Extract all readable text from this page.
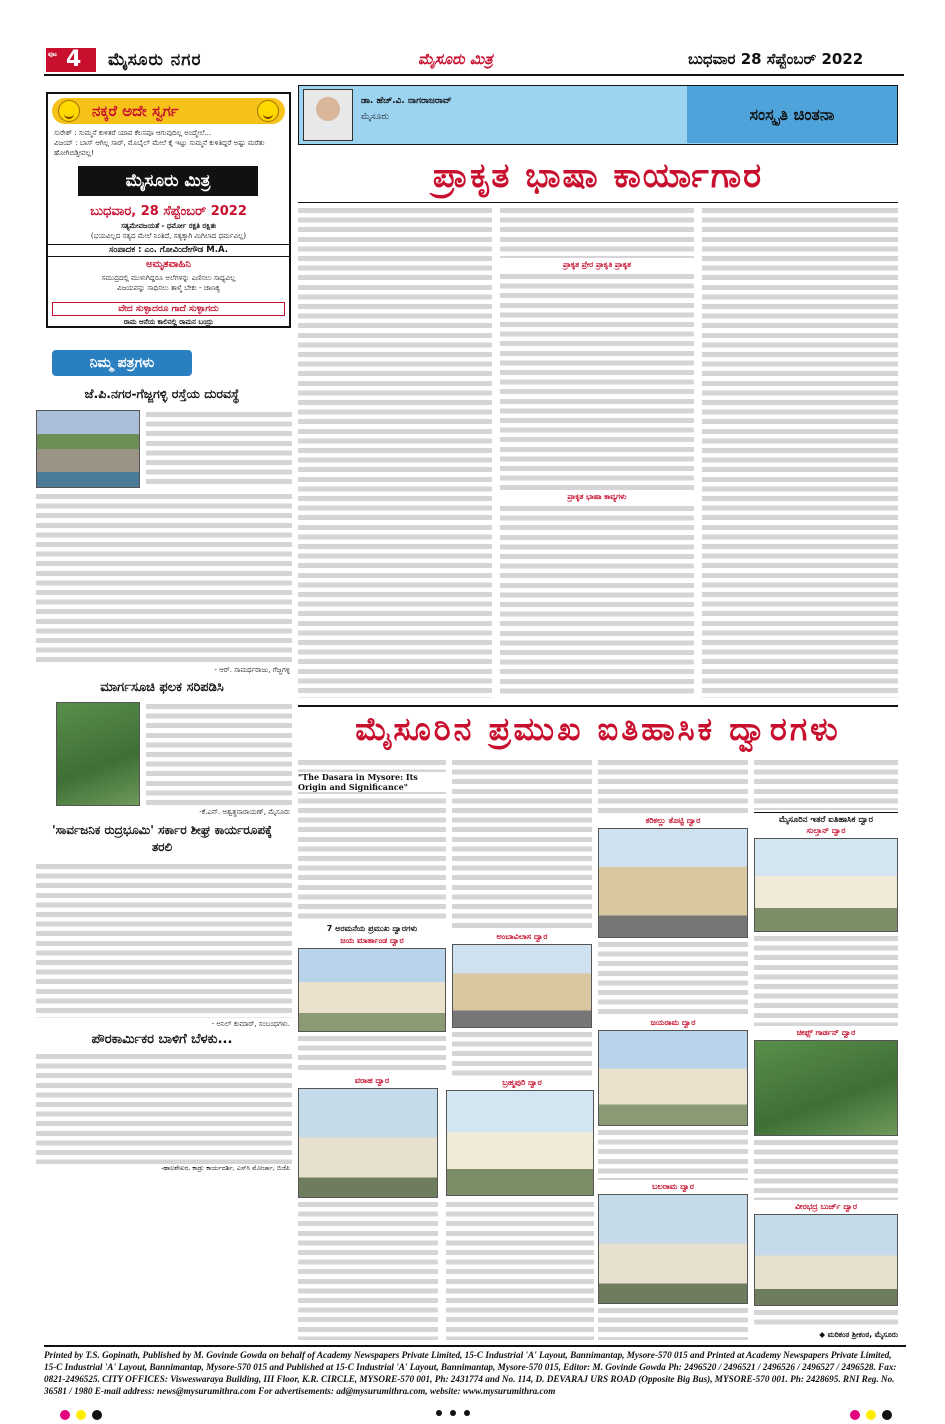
ಪುಟ 4 ಮೈಸೂರು ನಗರ	ಮೈಸೂರು ಮಿತ್ರ	ಬುಧವಾರ 28 ಸೆಪ್ಟೆಂಬರ್ 2022
ನಕ್ಕರೆ ಅದೇ ಸ್ವರ್ಗ
ಸುರೇಶ್ : ಸುಮ್ಮನೆ ಕುಳಿತರೆ ಯಾವ ಕೆಲಸವೂ ಆಗುವುದಿಲ್ಲ ಅಂದ್ಮೇಲೆ...
ವಿಜಯ್ : ಬಾಸ್ ಆಗಿಲ್ಲ ಸಾರ್, ಮೊಬೈಲ್ ಮೇಲೆ ಕೈ ಇಟ್ಟು ಸುಮ್ಮನೆ ಕುಳಿತಿದ್ದರೆ ಅಷ್ಟು ಮರೆತು ಹೋಗಿಬಿಡ್ತೀವಲ್ಲ!
ಮೈಸೂರು ಮಿತ್ರ
ಬುಧವಾರ, 28 ಸೆಪ್ಟೆಂಬರ್ 2022
ಸತ್ಯಮೇವಜಯತೆ - ಧರ್ಮೋ ರಕ್ಷತಿ ರಕ್ಷಿತಃ
(ಭಯವಿಲ್ಲದ ಸತ್ಯದ ಮೇಲೆ ನಿಂತಿದೆ, ಸತ್ಯಕ್ಕಾಗಿ ಮಿಗಿಲಾದ ಧರ್ಮವಿಲ್ಲ)
ಸಂಪಾದಕ : ಎಂ. ಗೋವಿಂದೇಗೌಡ M.A.
ಅಮೃತವಾಹಿನಿ
ಸಮುದ್ರದಲ್ಲಿ ಮುಳುಗಿದ್ದರೂ ಅಲೆಗಳನ್ನು ಎಣಿಸಲು ಸಾಧ್ಯವಿಲ್ಲ
ವಿಜಯವನ್ನು ಸಾಧಿಸಲು ತಾಳ್ಮೆ ಬೇಕು - ಚಾಣಕ್ಯ
ವೇದ ಸುಳ್ಳಾದರೂ ಗಾದೆ ಸುಳ್ಳಾಗದು
ರಾಮ ಆನೆಯ ಕಾಲಿನಲ್ಲಿ ರಾಮನ ಬಂದ್ರು
ನಿಮ್ಮ ಪತ್ರಗಳು
ಜೆ.ಪಿ.ನಗರ-ಗೆಜ್ಜಗಳ್ಳಿ ರಸ್ತೆಯ ದುರವಸ್ಥೆ
- ಆರ್. ಸಾಮರ್ಥರಾಜು, ಗೆಜ್ಜಗಳ್ಳಿ
ಮಾರ್ಗಸೂಚಿ ಫಲಕ ಸರಿಪಡಿಸಿ
-ಕೆ.ಎನ್. ಅಶ್ವತ್ಥನಾರಾಯಣ್, ಮೈಸೂರು
'ಸಾರ್ವಜನಿಕ ರುದ್ರಭೂಮಿ' ಸರ್ಕಾರ ಶೀಘ್ರ ಕಾರ್ಯರೂಪಕ್ಕೆ ತರಲಿ
- ಅನಿಲ್ ಕುಮಾರ್, ಸಂಬಂಧಗಳು.
ಪೌರಕಾರ್ಮಿಕರ ಬಾಳಿಗೆ ಬೆಳಕು...
-ಹಾಲಶೇಖರ, ಕಾಡ್ರು ಕಾರ್ಯದರ್ಶಿ, ಎಸ್‌ಸಿ ಮೋರ್ಚಾ, ಬಿಜೆಪಿ
ಡಾ. ಹೆಚ್.ವಿ. ನಾಗರಾಜರಾವ್
ಮೈಸೂರು	ಸಂಸ್ಕೃತಿ ಚಿಂತನಾ
ಪ್ರಾಕೃತ ಭಾಷಾ ಕಾರ್ಯಾಗಾರ
ಪ್ರಾಕೃತ ಪ್ರೇರ ಪ್ರಾಕೃತಿ ಪ್ರಾಕೃತ
ಪ್ರಾಕೃತ ಭಾಷಾ ಕಾವ್ಯಗಳು
ಮೈಸೂರಿನ ಪ್ರಮುಖ ಐತಿಹಾಸಿಕ ದ್ವಾರಗಳು
"The Dasara in Mysore: Its Origin and Significance"
7 ಅರಮನೆಯ ಪ್ರಮುಖ ದ್ವಾರಗಳು
ಜಯ ಮಾರ್ತಾಂಡ ದ್ವಾರ
ವರಾಹ ದ್ವಾರ
ಅಂಬಾವಿಲಾಸ ದ್ವಾರ
ಬ್ರಹ್ಮಪುರಿ ದ್ವಾರ
ಕರಿಕಲ್ಲು ತೊಟ್ಟಿ ದ್ವಾರ
ಜಯರಾಮ ದ್ವಾರ
ಬಲರಾಮ ದ್ವಾರ
ಮೈಸೂರಿನ ಇತರೆ ಐತಿಹಾಸಿಕ ದ್ವಾರ
ಸುಲ್ತಾನ್ ದ್ವಾರ
ಚೀಫ್ಸ್ ಗಾರ್ಡನ್ ದ್ವಾರ
ವೀರಭದ್ರ ಬುರ್ಜ್ ದ್ವಾರ
◆ ಮರಿಕಂಠ ಶ್ರೀಕಂಠ, ಮೈಸೂರು
Printed by T.S. Gopinath, Published by M. Govinde Gowda on behalf of Academy Newspapers Private Limited, 15-C Industrial 'A' Layout, Bannimantap, Mysore-570 015 and Printed at Academy Newspapers Private Limited, 15-C Industrial 'A' Layout, Bannimantap, Mysore-570 015 and Published at 15-C Industrial 'A' Layout, Bannimantap, Mysore-570 015, Editor: M. Govinde Gowda Ph: 2496520 / 2496521 / 2496526 / 2496527 / 2496528. Fax: 0821-2496525. CITY OFFICES: Visweswaraya Building, III Floor, K.R. CIRCLE, MYSORE-570 001, Ph: 2431774 and No. 114, D. DEVARAJ URS ROAD (Opposite Big Bus), MYSORE-570 001. Ph: 2428695. RNI Reg. No. 36581 / 1980 E-mail address: news@mysurumithra.com For advertisements: ad@mysurumithra.com, website: www.mysurumithra.com
